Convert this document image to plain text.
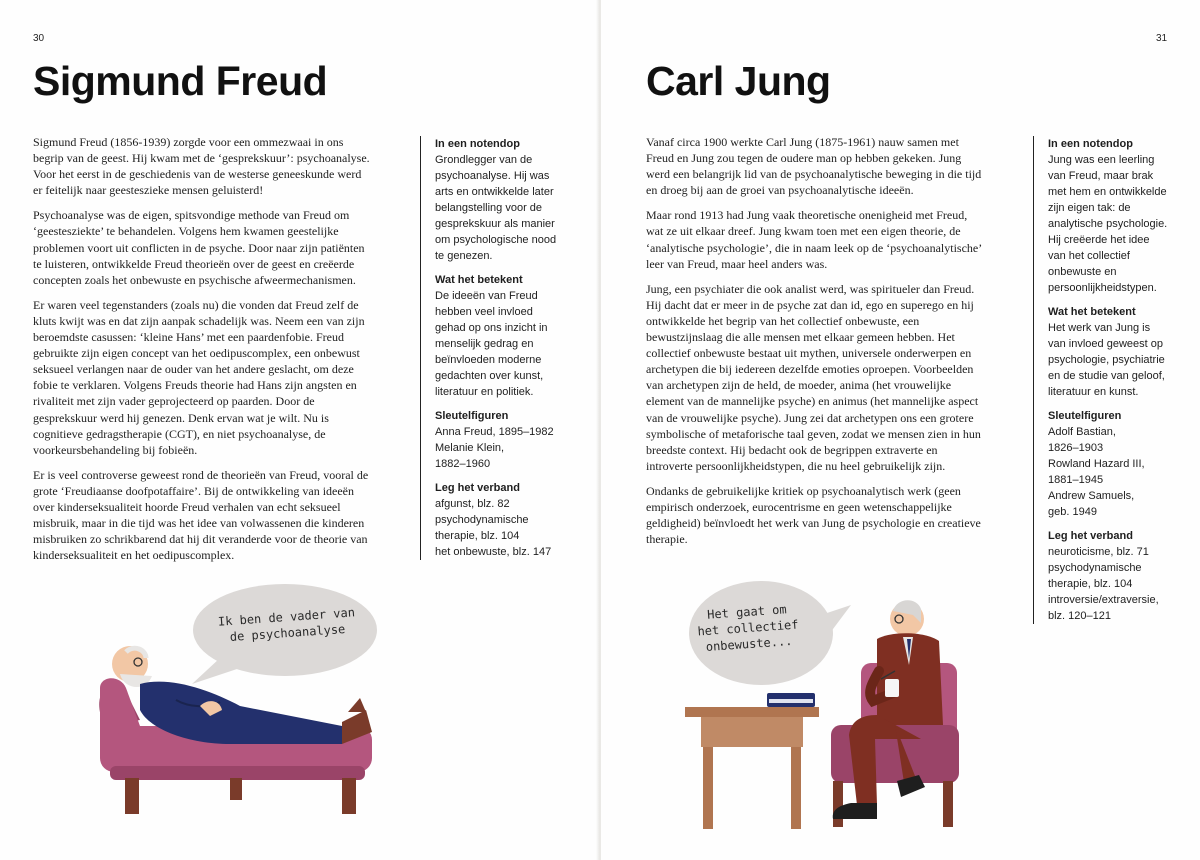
30
Sigmund Freud

Sigmund Freud (1856-1939) zorgde voor een ommezwaai in ons begrip van de geest. Hij kwam met de ‘gesprekskuur’: psychoanalyse. Voor het eerst in de geschiedenis van de westerse geneeskunde werd er feitelijk naar geesteszieke mensen geluisterd!

Psychoanalyse was de eigen, spitsvondige methode van Freud om ‘geestesziekte’ te behandelen. Volgens hem kwamen geestelijke problemen voort uit conflicten in de psyche. Door naar zijn patiënten te luisteren, ontwikkelde Freud theorieën over de geest en creëerde concepten zoals het onbewuste en psychische afweermechanismen.

Er waren veel tegenstanders (zoals nu) die vonden dat Freud zelf de kluts kwijt was en dat zijn aanpak schadelijk was. Neem een van zijn beroemdste casussen: ‘kleine Hans’ met een paardenfobie. Freud gebruikte zijn eigen concept van het oedipuscomplex, een onbewust seksueel verlangen naar de ouder van het andere geslacht, om deze fobie te verklaren. Volgens Freuds theorie had Hans zijn angsten en rivaliteit met zijn vader geprojecteerd op paarden. Door de gesprekskuur werd hij genezen. Denk ervan wat je wilt. Nu is cognitieve gedragstherapie (CGT), en niet psychoanalyse, de voorkeursbehandeling bij fobieën.

Er is veel controverse geweest rond de theorieën van Freud, vooral de grote ‘Freudiaanse doofpotaffaire’. Bij de ontwikkeling van ideeën over kinderseksualiteit hoorde Freud verhalen van echt seksueel misbruik, maar in die tijd was het idee van volwassenen die kinderen misbruiken zo schrikbarend dat hij dit veranderde voor de theorie van kinderseksualiteit en het oedipuscomplex.

In een notendop
Grondlegger van de psychoanalyse. Hij was arts en ontwikkelde later belangstelling voor de gesprekskuur als manier om psychologische nood te genezen.
Wat het betekent
De ideeën van Freud hebben veel invloed gehad op ons inzicht in menselijk gedrag en beïnvloeden moderne gedachten over kunst, literatuur en politiek.
Sleutelfiguren
Anna Freud, 1895–1982
Melanie Klein,
1882–1960
Leg het verband
afgunst, blz. 82
psychodynamische
therapie, blz. 104
het onbewuste, blz. 147
Ik ben de vader van
de psychoanalyse
31
Carl Jung

Vanaf circa 1900 werkte Carl Jung (1875-1961) nauw samen met Freud en Jung zou tegen de oudere man op hebben gekeken. Jung werd een belangrijk lid van de psychoanalytische beweging in die tijd en droeg bij aan de groei van psychoanalytische ideeën.

Maar rond 1913 had Jung vaak theoretische onenigheid met Freud, wat ze uit elkaar dreef. Jung kwam toen met een eigen theorie, de ‘analytische psychologie’, die in naam leek op de ‘psychoanalytische’ leer van Freud, maar heel anders was.

Jung, een psychiater die ook analist werd, was spiritueler dan Freud. Hij dacht dat er meer in de psyche zat dan id, ego en superego en hij ontwikkelde het begrip van het collectief onbewuste, een bewustzijnslaag die alle mensen met elkaar gemeen hebben. Het collectief onbewuste bestaat uit mythen, universele onderwerpen en archetypen die bij iedereen dezelfde emoties oproepen. Voorbeelden van archetypen zijn de held, de moeder, anima (het vrouwelijke element van de mannelijke psyche) en animus (het mannelijke aspect van de vrouwelijke psyche). Jung zei dat archetypen ons een grotere symbolische of metaforische taal geven, zodat we mensen zien in hun breedste context. Hij bedacht ook de begrippen extraverte en introverte persoonlijkheidstypen, die nu heel gebruikelijk zijn.

Ondanks de gebruikelijke kritiek op psychoanalytisch werk (geen empirisch onderzoek, eurocentrisme en geen wetenschappelijke geldigheid) beïnvloedt het werk van Jung de psychologie en creatieve therapie.

In een notendop
Jung was een leerling van Freud, maar brak met hem en ontwikkelde zijn eigen tak: de analytische psychologie. Hij creëerde het idee van het collectief onbewuste en persoonlijkheidstypen.
Wat het betekent
Het werk van Jung is van invloed geweest op psychologie, psychiatrie en de studie van geloof, literatuur en kunst.
Sleutelfiguren
Adolf Bastian,
1826–1903
Rowland Hazard III,
1881–1945
Andrew Samuels,
geb. 1949
Leg het verband
neuroticisme, blz. 71
psychodynamische
therapie, blz. 104
introversie/extraversie, blz. 120–121
Het gaat om
het collectief
onbewuste...
